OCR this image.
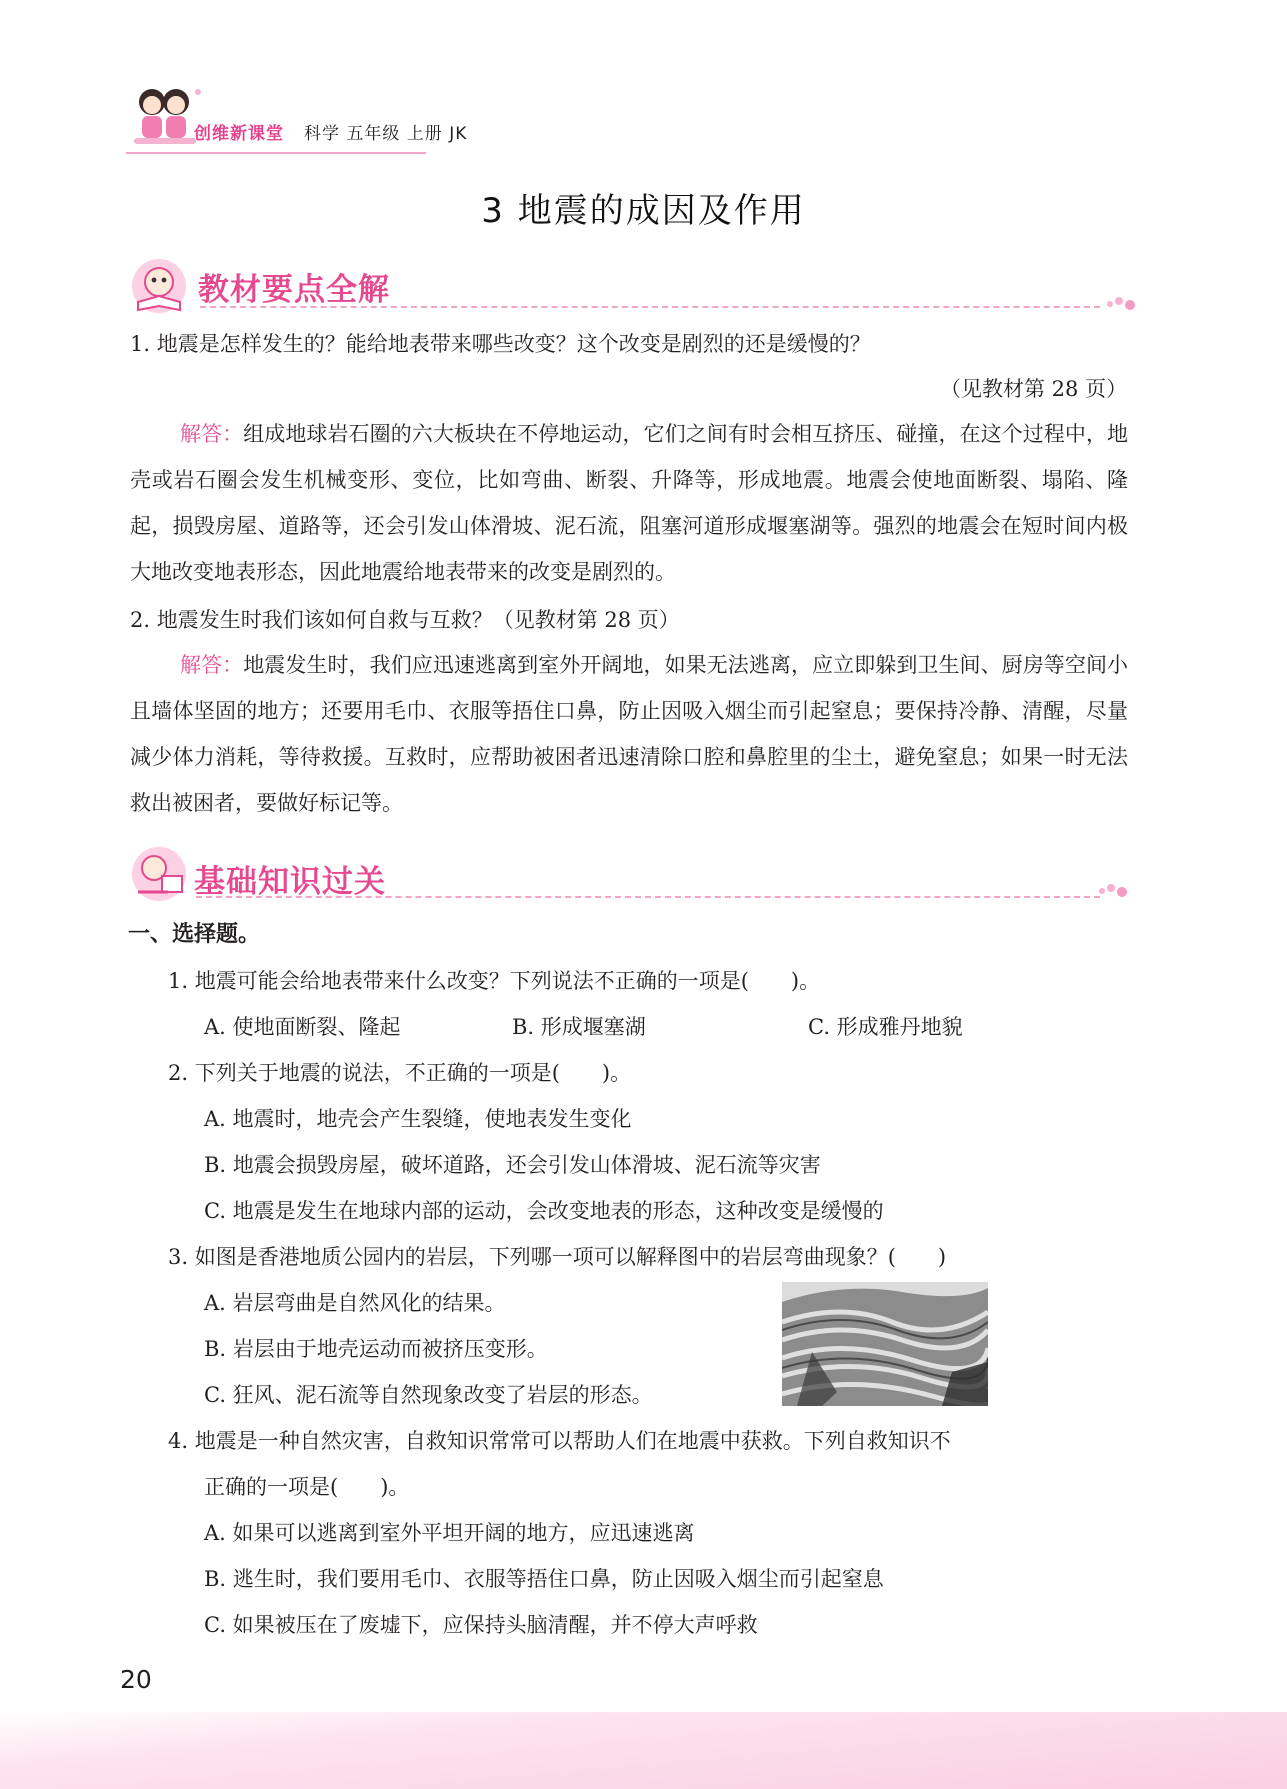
创维新课堂 科学 五年级 上册 JK
3 地震的成因及作用
教材要点全解
1. 地震是怎样发生的？能给地表带来哪些改变？这个改变是剧烈的还是缓慢的？
（见教材第 28 页）
解答：组成地球岩石圈的六大板块在不停地运动，它们之间有时会相互挤压、碰撞，在这个过程中，地壳或岩石圈会发生机械变形、变位，比如弯曲、断裂、升降等，形成地震。地震会使地面断裂、塌陷、隆起，损毁房屋、道路等，还会引发山体滑坡、泥石流，阻塞河道形成堰塞湖等。强烈的地震会在短时间内极大地改变地表形态，因此地震给地表带来的改变是剧烈的。
2. 地震发生时我们该如何自救与互救？（见教材第 28 页）
解答：地震发生时，我们应迅速逃离到室外开阔地，如果无法逃离，应立即躲到卫生间、厨房等空间小且墙体坚固的地方；还要用毛巾、衣服等捂住口鼻，防止因吸入烟尘而引起窒息；要保持冷静、清醒，尽量减少体力消耗，等待救援。互救时，应帮助被困者迅速清除口腔和鼻腔里的尘土，避免窒息；如果一时无法救出被困者，要做好标记等。
基础知识过关
一、选择题。
1. 地震可能会给地表带来什么改变？下列说法不正确的一项是(　　)。
A. 使地面断裂、隆起	B. 形成堰塞湖	C. 形成雅丹地貌
2. 下列关于地震的说法，不正确的一项是(　　)。
A. 地震时，地壳会产生裂缝，使地表发生变化
B. 地震会损毁房屋，破坏道路，还会引发山体滑坡、泥石流等灾害
C. 地震是发生在地球内部的运动，会改变地表的形态，这种改变是缓慢的
3. 如图是香港地质公园内的岩层，下列哪一项可以解释图中的岩层弯曲现象？(　　)
A. 岩层弯曲是自然风化的结果。
B. 岩层由于地壳运动而被挤压变形。
C. 狂风、泥石流等自然现象改变了岩层的形态。
4. 地震是一种自然灾害，自救知识常常可以帮助人们在地震中获救。下列自救知识不
正确的一项是(　　)。
A. 如果可以逃离到室外平坦开阔的地方，应迅速逃离
B. 逃生时，我们要用毛巾、衣服等捂住口鼻，防止因吸入烟尘而引起窒息
C. 如果被压在了废墟下，应保持头脑清醒，并不停大声呼救
20
